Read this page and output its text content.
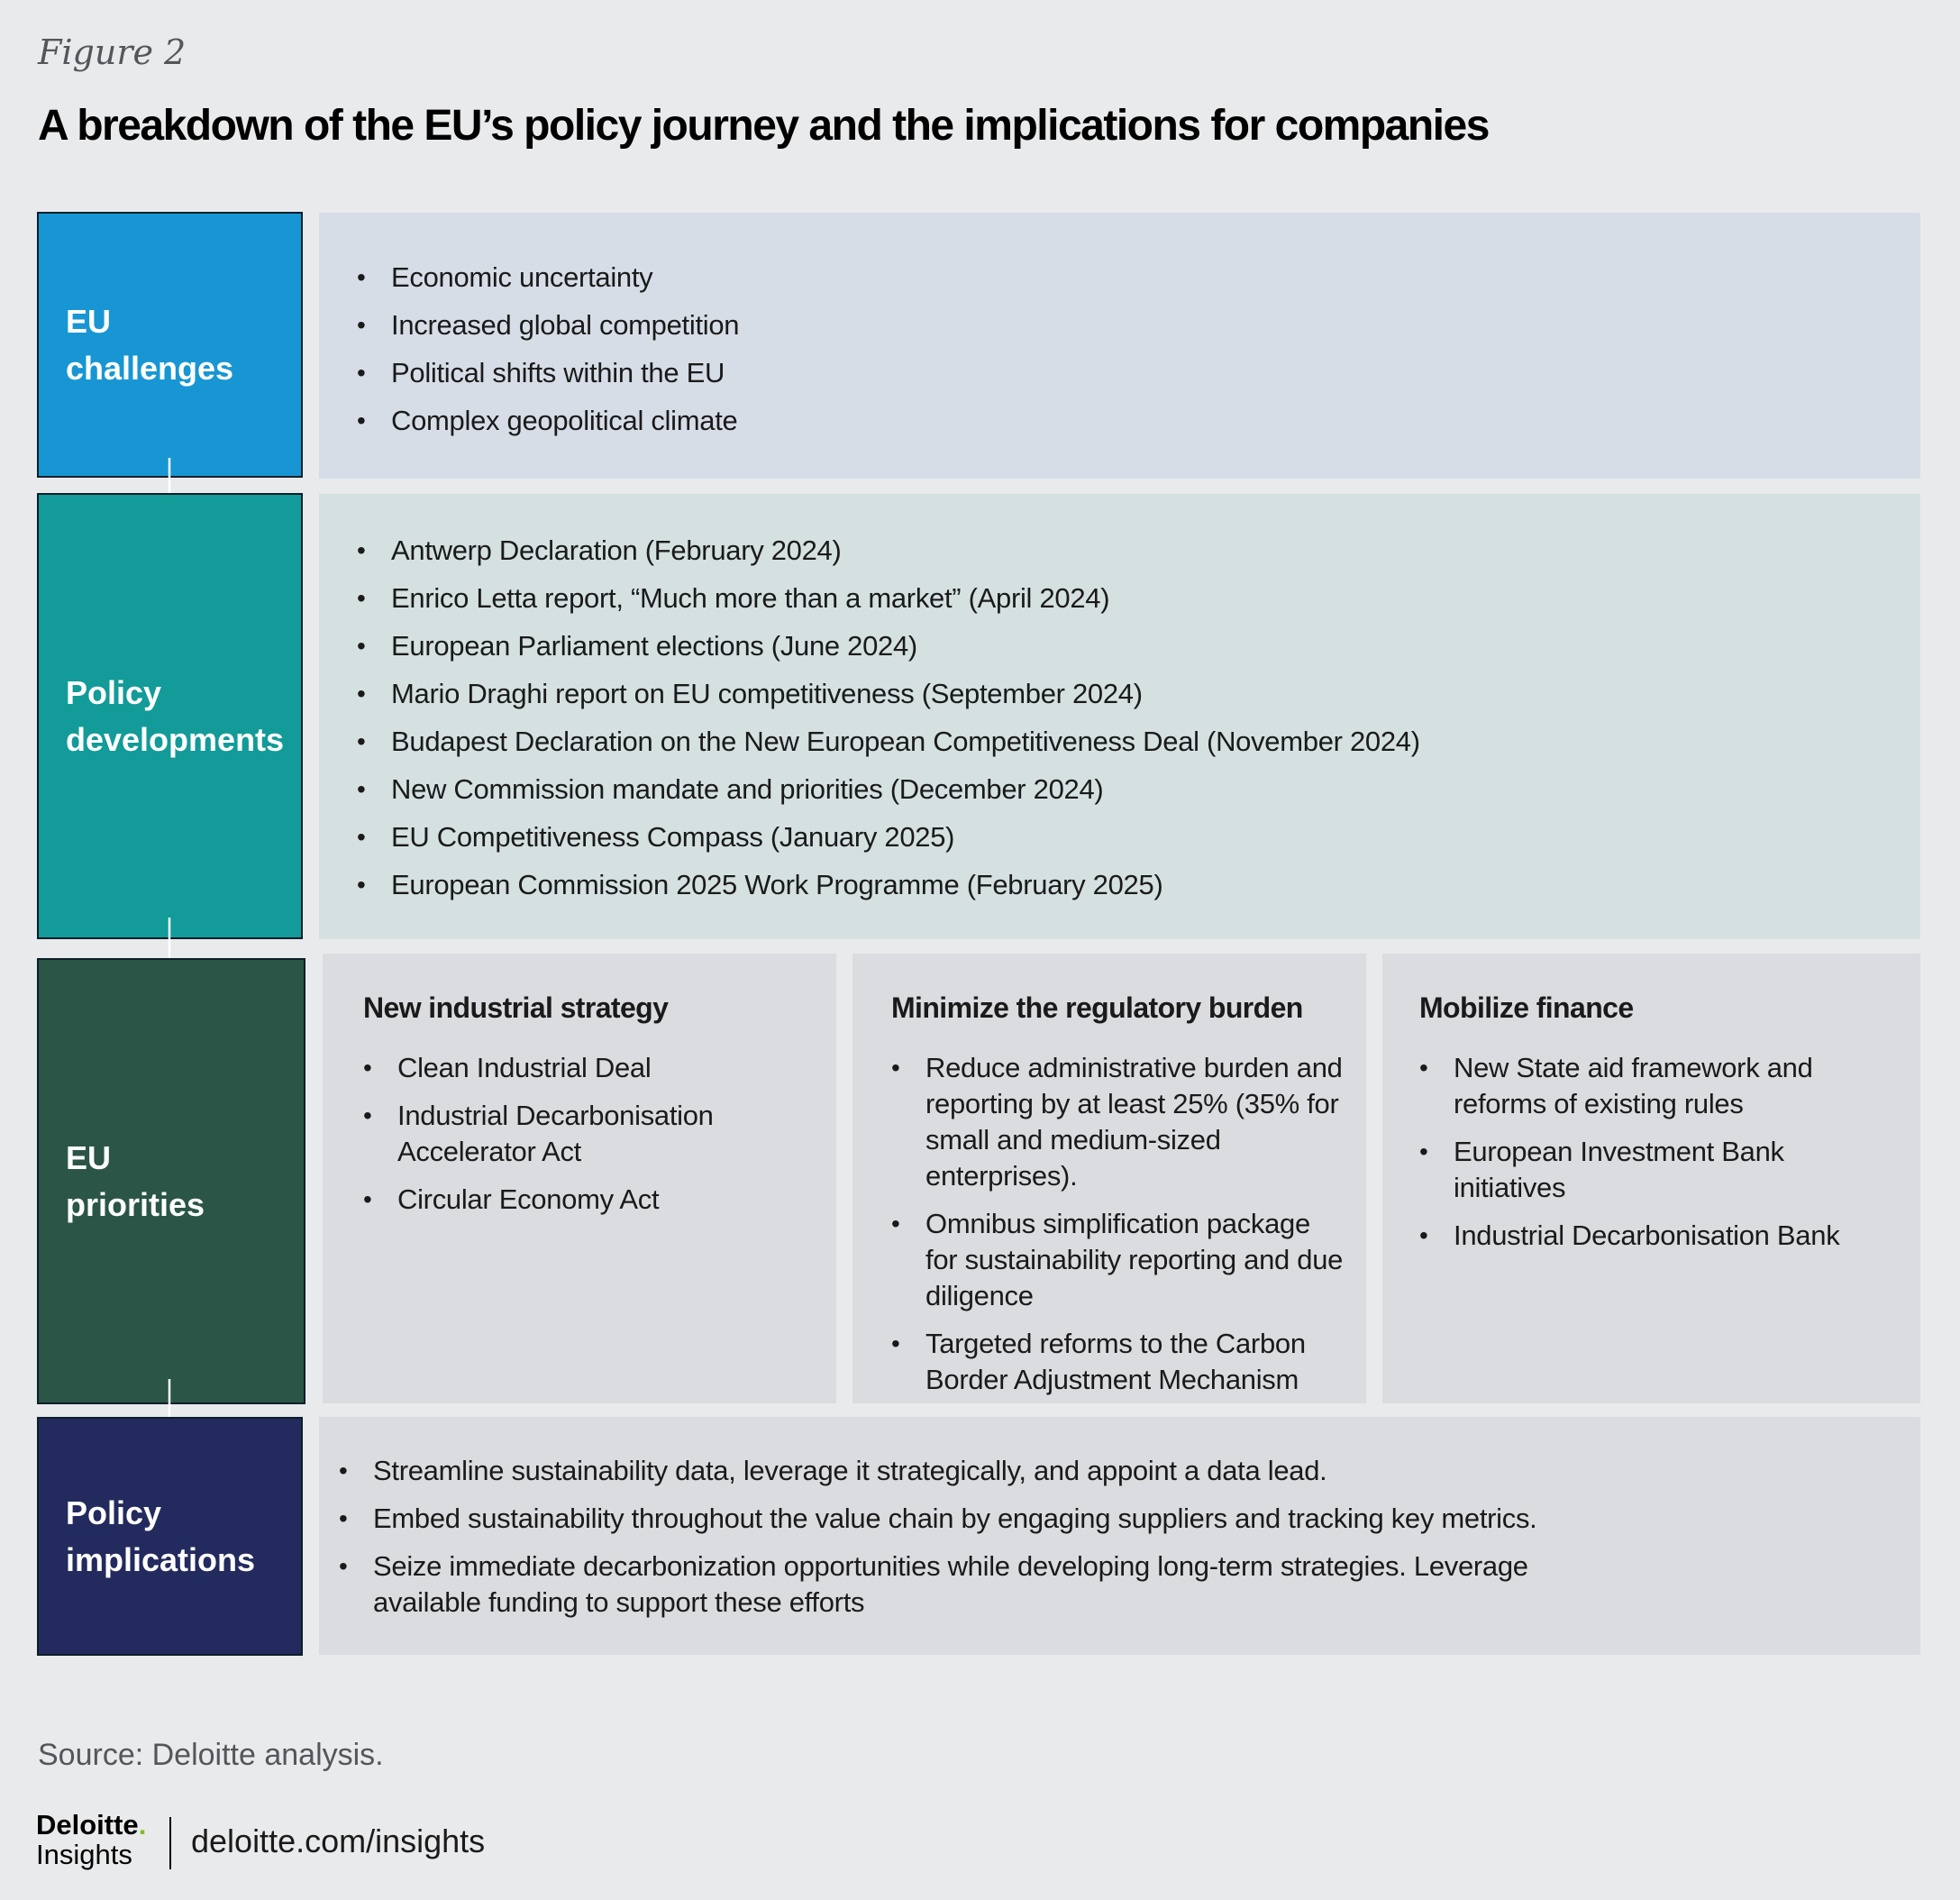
Figure 2
A breakdown of the EU’s policy journey and the implications for companies
EU
challenges
• Economic uncertainty
• Increased global competition
• Political shifts within the EU
• Complex geopolitical climate
Policy
developments
• Antwerp Declaration (February 2024)
• Enrico Letta report, “Much more than a market” (April 2024)
• European Parliament elections (June 2024)
• Mario Draghi report on EU competitiveness (September 2024)
• Budapest Declaration on the New European Competitiveness Deal (November 2024)
• New Commission mandate and priorities (December 2024)
• EU Competitiveness Compass (January 2025)
• European Commission 2025 Work Programme (February 2025)
EU
priorities
New industrial strategy
• Clean Industrial Deal
• Industrial Decarbonisation Accelerator Act
• Circular Economy Act
Minimize the regulatory burden
• Reduce administrative burden and reporting by at least 25% (35% for small and medium-sized enterprises).
• Omnibus simplification package for sustainability reporting and due diligence
• Targeted reforms to the Carbon Border Adjustment Mechanism
Mobilize finance
• New State aid framework and reforms of existing rules
• European Investment Bank initiatives
• Industrial Decarbonisation Bank
Policy
implications
• Streamline sustainability data, leverage it strategically, and appoint a data lead.
• Embed sustainability throughout the value chain by engaging suppliers and tracking key metrics.
• Seize immediate decarbonization opportunities while developing long-term strategies. Leverage available funding to support these efforts
Source: Deloitte analysis.
Deloitte.
Insights deloitte.com/insights
